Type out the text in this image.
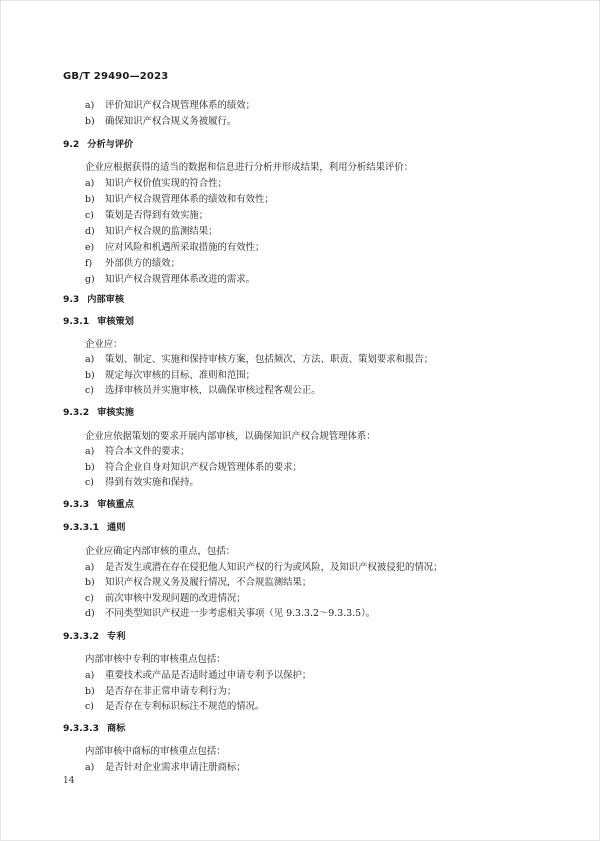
GB/T 29490—2023
a) 评价知识产权合规管理体系的绩效；
b) 确保知识产权合规义务被履行。
9.2 分析与评价
企业应根据获得的适当的数据和信息进行分析并形成结果，利用分析结果评价：
a) 知识产权价值实现的符合性；
b) 知识产权合规管理体系的绩效和有效性；
c) 策划是否得到有效实施；
d) 知识产权合规的监测结果；
e) 应对风险和机遇所采取措施的有效性；
f) 外部供方的绩效；
g) 知识产权合规管理体系改进的需求。
9.3 内部审核
9.3.1 审核策划
企业应：
a) 策划、制定、实施和保持审核方案，包括频次、方法、职责、策划要求和报告；
b) 规定每次审核的目标、准则和范围；
c) 选择审核员并实施审核，以确保审核过程客观公正。
9.3.2 审核实施
企业应依据策划的要求开展内部审核，以确保知识产权合规管理体系：
a) 符合本文件的要求；
b) 符合企业自身对知识产权合规管理体系的要求；
c) 得到有效实施和保持。
9.3.3 审核重点
9.3.3.1 通则
企业应确定内部审核的重点，包括：
a) 是否发生或潜在存在侵犯他人知识产权的行为或风险，及知识产权被侵犯的情况；
b) 知识产权合规义务及履行情况，不合规监测结果；
c) 前次审核中发现问题的改进情况；
d) 不同类型知识产权进一步考虑相关事项（见 9.3.3.2～9.3.3.5）。
9.3.3.2 专利
内部审核中专利的审核重点包括：
a) 重要技术或产品是否适时通过申请专利予以保护；
b) 是否存在非正常申请专利行为；
c) 是否存在专利标识标注不规范的情况。
9.3.3.3 商标
内部审核中商标的审核重点包括：
a) 是否针对企业需求申请注册商标；
14
